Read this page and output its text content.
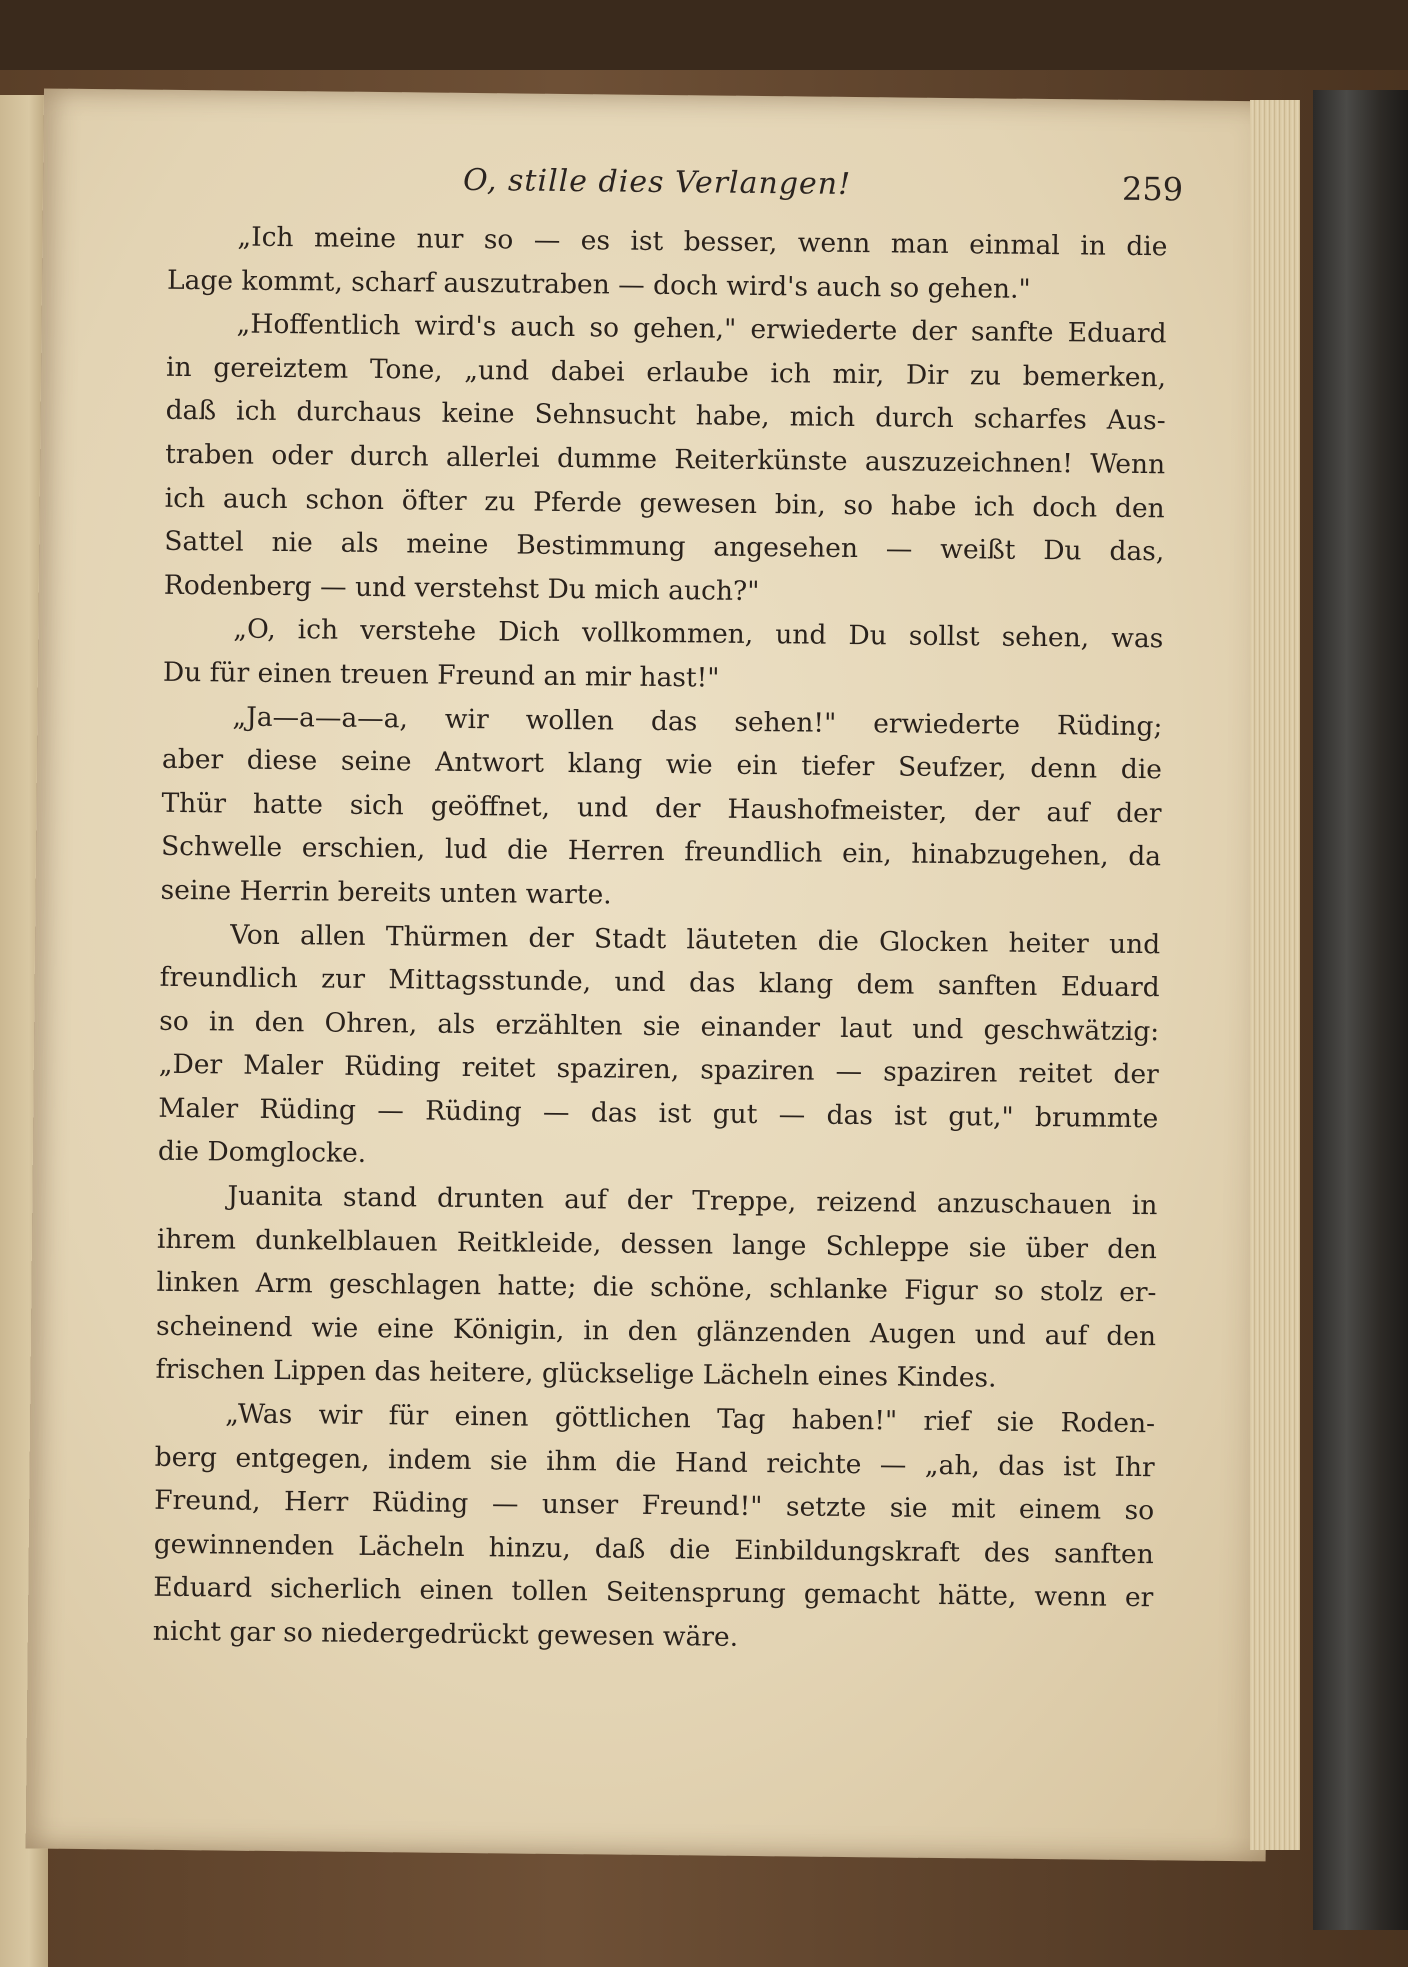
O, stille dies Verlangen!	259

„Ich meine nur so — es ist besser, wenn man einmal in die
Lage kommt, scharf auszutraben — doch wird's auch so gehen."

„Hoffentlich wird's auch so gehen," erwiederte der sanfte Eduard
in gereiztem Tone, „und dabei erlaube ich mir, Dir zu bemerken,
daß ich durchaus keine Sehnsucht habe, mich durch scharfes Aus-
traben oder durch allerlei dumme Reiterkünste auszuzeichnen! Wenn
ich auch schon öfter zu Pferde gewesen bin, so habe ich doch den
Sattel nie als meine Bestimmung angesehen — weißt Du das,
Rodenberg — und verstehst Du mich auch?"

„O, ich verstehe Dich vollkommen, und Du sollst sehen, was
Du für einen treuen Freund an mir hast!"

„Ja—a—a—a, wir wollen das sehen!" erwiederte Rüding;
aber diese seine Antwort klang wie ein tiefer Seufzer, denn die
Thür hatte sich geöffnet, und der Haushofmeister, der auf der
Schwelle erschien, lud die Herren freundlich ein, hinabzugehen, da
seine Herrin bereits unten warte.

Von allen Thürmen der Stadt läuteten die Glocken heiter und
freundlich zur Mittagsstunde, und das klang dem sanften Eduard
so in den Ohren, als erzählten sie einander laut und geschwätzig:
„Der Maler Rüding reitet spaziren, spaziren — spaziren reitet der
Maler Rüding — Rüding — das ist gut — das ist gut," brummte
die Domglocke.

Juanita stand drunten auf der Treppe, reizend anzuschauen in
ihrem dunkelblauen Reitkleide, dessen lange Schleppe sie über den
linken Arm geschlagen hatte; die schöne, schlanke Figur so stolz er-
scheinend wie eine Königin, in den glänzenden Augen und auf den
frischen Lippen das heitere, glückselige Lächeln eines Kindes.

„Was wir für einen göttlichen Tag haben!" rief sie Roden-
berg entgegen, indem sie ihm die Hand reichte — „ah, das ist Ihr
Freund, Herr Rüding — unser Freund!" setzte sie mit einem so
gewinnenden Lächeln hinzu, daß die Einbildungskraft des sanften
Eduard sicherlich einen tollen Seitensprung gemacht hätte, wenn er
nicht gar so niedergedrückt gewesen wäre.
